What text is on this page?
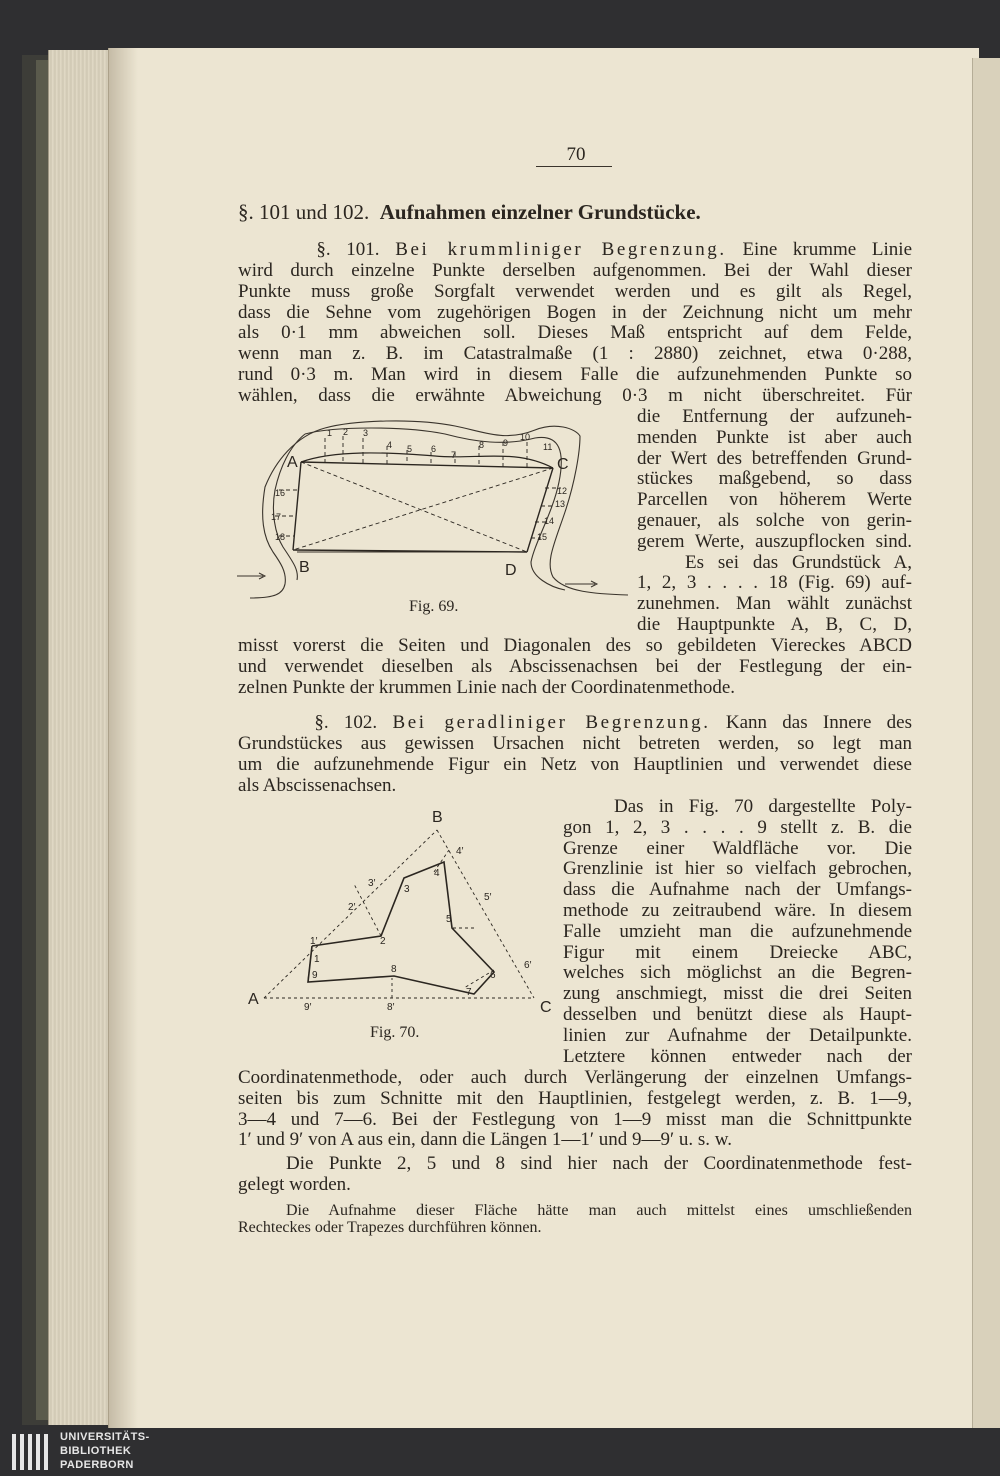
70
§. 101 und 102. Aufnahmen einzelner Grundstücke.
§. 101. Bei krummliniger Begrenzung. Eine krumme Linie
wird durch einzelne Punkte derselben aufgenommen. Bei der Wahl dieser
Punkte muss große Sorgfalt verwendet werden und es gilt als Regel,
dass die Sehne vom zugehörigen Bogen in der Zeichnung nicht um mehr
als 0·1 mm abweichen soll. Dieses Maß entspricht auf dem Felde,
wenn man z. B. im Catastralmaße (1 : 2880) zeichnet, etwa 0·288,
rund 0·3 m. Man wird in diesem Falle die aufzunehmenden Punkte so
wählen, dass die erwähnte Abweichung 0·3 m nicht überschreitet. Für
die Entfernung der aufzuneh-
menden Punkte ist aber auch
der Wert des betreffenden Grund-
stückes maßgebend, so dass
Parcellen von höherem Werte
genauer, als solche von gerin-
gerem Werte, auszupflocken sind.
Es sei das Grundstück A,
1, 2, 3 . . . . 18 (Fig. 69) auf-
zunehmen. Man wählt zunächst
die Hauptpunkte A, B, C, D,
misst vorerst die Seiten und Diagonalen des so gebildeten Viereckes ABCD
und verwendet dieselben als Abscissenachsen bei der Festlegung der ein-
zelnen Punkte der krummen Linie nach der Coordinatenmethode.
A	C
D
B
1 2 3
4 5 6
7
8 9
10
11
12
13
14
15
16
17
18
Fig. 69.
§. 102. Bei geradliniger Begrenzung. Kann das Innere des
Grundstückes aus gewissen Ursachen nicht betreten werden, so legt man
um die aufzunehmende Figur ein Netz von Hauptlinien und verwendet diese
als Abscissenachsen.
Das in Fig. 70 dargestellte Poly-
gon 1, 2, 3 . . . . 9 stellt z. B. die
Grenze einer Waldfläche vor. Die
Grenzlinie ist hier so vielfach gebrochen,
dass die Aufnahme nach der Umfangs-
methode zu zeitraubend wäre. In diesem
Falle umzieht man die aufzunehmende
Figur mit einem Dreiecke ABC,
welches sich möglichst an die Begren-
zung anschmiegt, misst die drei Seiten
desselben und benützt diese als Haupt-
linien zur Aufnahme der Detailpunkte.
Letztere können entweder nach der
Coordinatenmethode, oder auch durch Verlängerung der einzelnen Umfangs-
seiten bis zum Schnitte mit den Hauptlinien, festgelegt werden, z. B. 1—9,
3—4 und 7—6. Bei der Festlegung von 1—9 misst man die Schnittpunkte
1′ und 9′ von A aus ein, dann die Längen 1—1′ und 9—9′ u. s. w.
Die Punkte 2, 5 und 8 sind hier nach der Coordinatenmethode fest-
gelegt worden.
Die Aufnahme dieser Fläche hätte man auch mittelst eines umschließenden
Rechteckes oder Trapezes durchführen können.
A
B
C
1
2
3
4
5
6
7
8
9
1′
2′
3′
4′
5′
6′
8′
9′
Fig. 70.
UNIVERSITÄTS-
BIBLIOTHEK
PADERBORN
